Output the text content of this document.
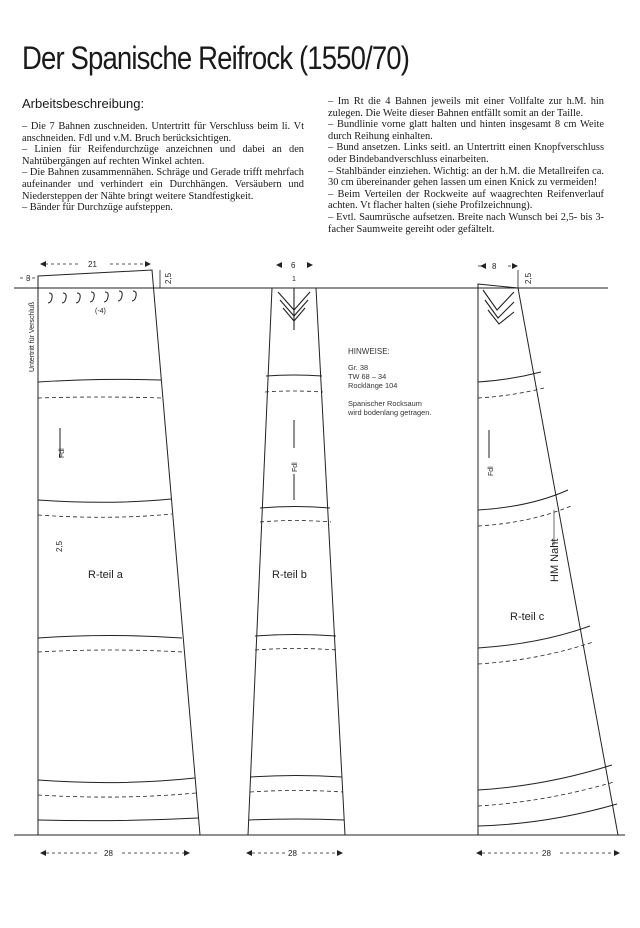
Der Spanische Reifrock (1550/70)
Arbeitsbeschreibung:

– Die 7 Bahnen zuschneiden. Untertritt für Verschluss beim li. Vt anschneiden. Fdl und v.M. Bruch berücksichtigen.

– Linien für Reifendurchzüge anzeichnen und dabei an den Nahtübergängen auf rechten Winkel achten.

– Die Bahnen zusammennähen. Schräge und Gerade trifft mehrfach aufeinander und verhindert ein Durchhängen. Versäubern und Niedersteppen der Nähte bringt weitere Standfestigkeit.

– Bänder für Durchzüge aufsteppen.

– Im Rt die 4 Bahnen jeweils mit einer Vollfalte zur h.M. hin zulegen. Die Weite dieser Bahnen entfällt somit an der Taille.

– Bundlinie vorne glatt halten und hinten insgesamt 8 cm Weite durch Reihung einhalten.

– Bund ansetzen. Links seitl. an Untertritt einen Knopfverschluss oder Bindebandverschluss einarbeiten.

– Stahlbänder einziehen. Wichtig: an der h.M. die Metallreifen ca. 30 cm übereinander gehen lassen um einen Knick zu vermeiden!

– Beim Verteilen der Rockweite auf waagrechten Reifenverlauf achten. Vt flacher halten (siehe Profilzeichnung).

– Evtl. Saumrüsche aufsetzen. Breite nach Wunsch bei 2,5- bis 3-facher Saumweite gereiht oder gefältelt.

21
3	2,5
2,5
(-4)
Untertritt für Verschluß
Fdl
R-teil a
28
6
1
Fdl
R-teil b
28
8
2,5
Fdl
HM Naht
R-teil c
28
HINWEISE:
Gr. 38
TW 68 – 34
Rocklänge 104
Spanischer Rocksaum
wird bodenlang getragen.
